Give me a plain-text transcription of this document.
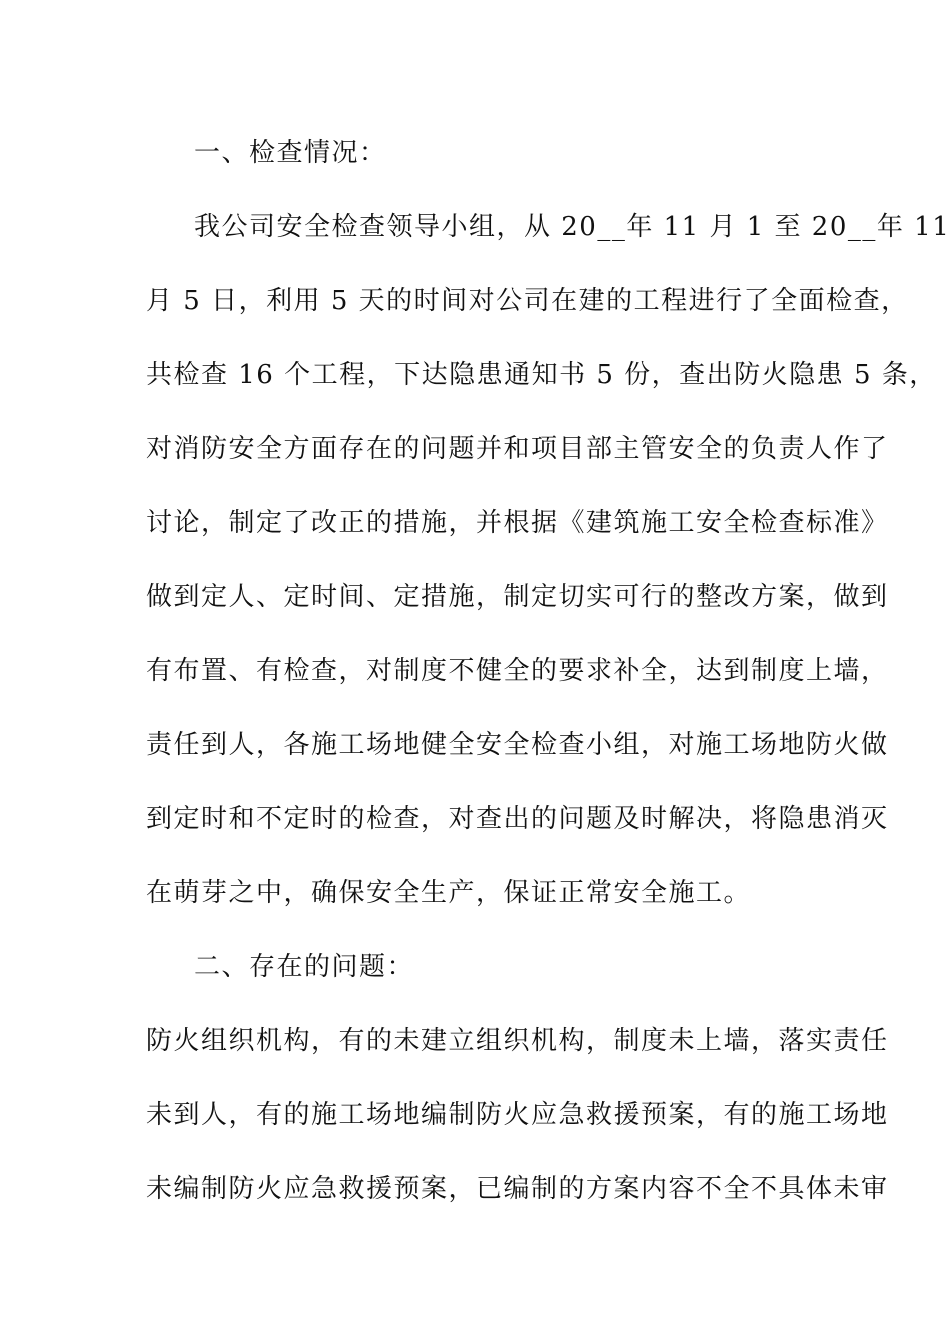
一、检查情况：
我公司安全检查领导小组，从 20__年 11 月 1 至 20__年 11
月 5 日，利用 5 天的时间对公司在建的工程进行了全面检查，
共检查 16 个工程，下达隐患通知书 5 份，查出防火隐患 5 条，
对消防安全方面存在的问题并和项目部主管安全的负责人作了
讨论，制定了改正的措施，并根据《建筑施工安全检查标准》
做到定人、定时间、定措施，制定切实可行的整改方案，做到
有布置、有检查，对制度不健全的要求补全，达到制度上墙，
责任到人，各施工场地健全安全检查小组，对施工场地防火做
到定时和不定时的检查，对查出的问题及时解决，将隐患消灭
在萌芽之中，确保安全生产，保证正常安全施工。
二、存在的问题：
防火组织机构，有的未建立组织机构，制度未上墙，落实责任
未到人，有的施工场地编制防火应急救援预案，有的施工场地
未编制防火应急救援预案，已编制的方案内容不全不具体未审
